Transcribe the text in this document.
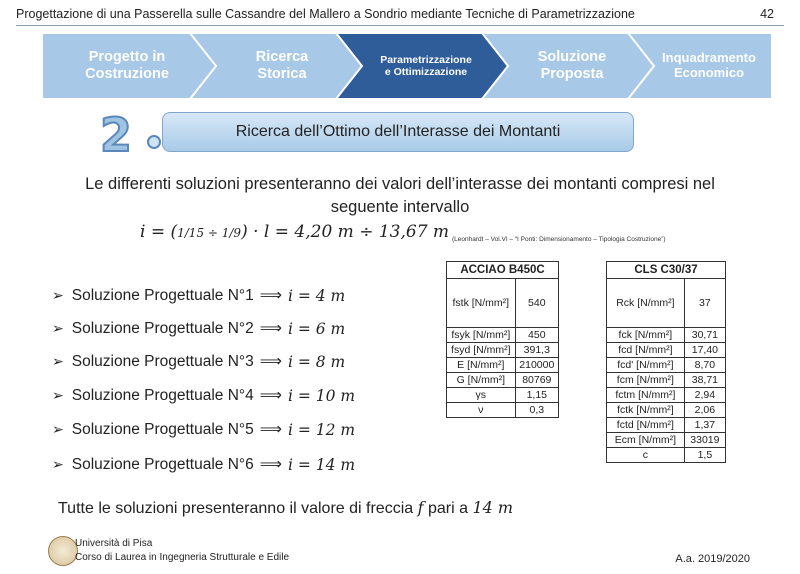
Progettazione di una Passerella sulle Cassandre del Mallero a Sondrio mediante Tecniche di Parametrizzazione	42
Progetto in
Costruzione
Ricerca
Storica
Parametrizzazione
e Ottimizzazione
Soluzione
Proposta
Inquadramento
Economico
2	Ricerca dell’Ottimo dell’Interasse dei Montanti
Le differenti soluzioni presenteranno dei valori dell’interasse dei montanti compresi nel seguente intervallo
i = (1/15 ÷ 1/9) · l = 4,20 m ÷ 13,67 m (Leonhardt – Vol.VI – “I Ponti: Dimensionamento – Tipologia Costruzione”)
➢ Soluzione Progettuale N°1 ⟹ i = 4 m
➢ Soluzione Progettuale N°2 ⟹ i = 6 m
➢ Soluzione Progettuale N°3 ⟹ i = 8 m
➢ Soluzione Progettuale N°4 ⟹ i = 10 m
➢ Soluzione Progettuale N°5 ⟹ i = 12 m
➢ Soluzione Progettuale N°6 ⟹ i = 14 m
ACCIAO B450C	
fstk [N/mm²]	540
fsyk [N/mm²]	450
fsyd [N/mm²]	391,3
E [N/mm²]	210000
G [N/mm²]	80769
γs	1,15
ν	0,3
CLS C30/37	
Rck [N/mm²]	37
fck [N/mm²]	30,71
fcd [N/mm²]	17,40
fcd' [N/mm²]	8,70
fcm [N/mm²]	38,71
fctm [N/mm²]	2,94
fctk [N/mm²]	2,06
fctd [N/mm²]	1,37
Ecm [N/mm²]	33019
c	1,5
Tutte le soluzioni presenteranno il valore di freccia f pari a 14 m
Università di Pisa
Corso di Laurea in Ingegneria Strutturale e Edile	A.a. 2019/2020
